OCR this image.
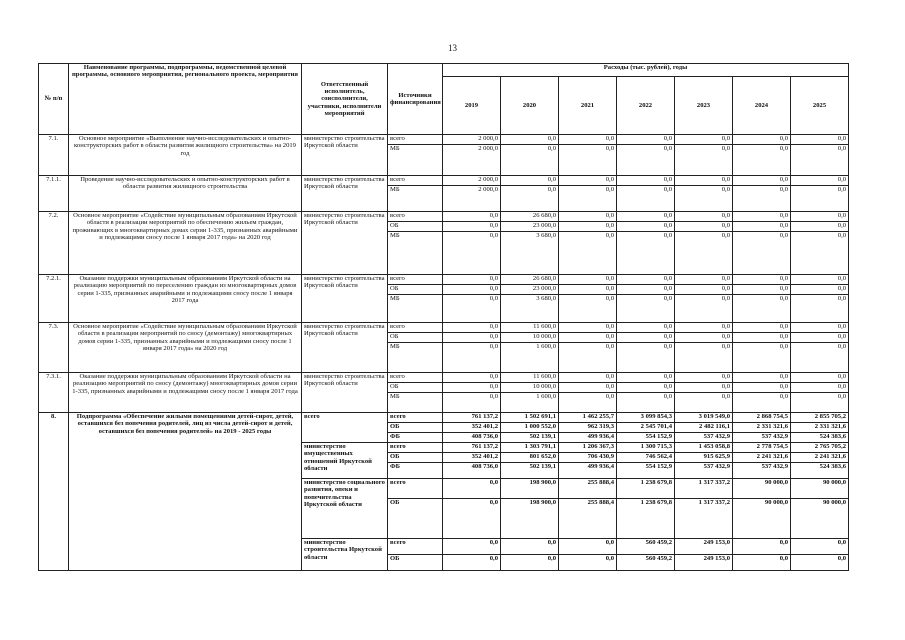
13
№ п/п	Наименование программы, подпрограммы, ведомственной целевой программы, основного мероприятия, регионального проекта, мероприятия	Ответственный исполнитель, соисполнители, участники, исполнители мероприятий	Источники финансирования	Расходы (тыс. рублей), годы						
				2019	2020	2021	2022	2023	2024	2025
7.1.	Основное мероприятие «Выполнение научно-исследовательских и опытно-конструкторских работ в области развития жилищного строительства» на 2019 год	министерство строительства Иркутской области	всего	2 000,0	0,0	0,0	0,0	0,0	0,0	0,0
			МБ	2 000,0	0,0	0,0	0,0	0,0	0,0	0,0
7.1.1.	Проведение научно-исследовательских и опытно-конструкторских работ в области развития жилищного строительства	министерство строительства Иркутской области	всего	2 000,0	0,0	0,0	0,0	0,0	0,0	0,0
			МБ	2 000,0	0,0	0,0	0,0	0,0	0,0	0,0
7.2.	Основное мероприятие «Содействие муниципальным образованиям Иркутской области в реализации мероприятий по обеспечению жильем граждан, проживающих в многоквартирных домах серии 1-335, признанных аварийными и подлежащими сносу после 1 января 2017 года» на 2020 год	министерство строительства Иркутской области	всего	0,0	26 680,0	0,0	0,0	0,0	0,0	0,0
			ОБ	0,0	23 000,0	0,0	0,0	0,0	0,0	0,0
			МБ	0,0	3 680,0	0,0	0,0	0,0	0,0	0,0
7.2.1.	Оказание поддержки муниципальным образованиям Иркутской области на реализацию мероприятий по переселению граждан из многоквартирных домов серии 1-335, признанных аварийными и подлежащими сносу после 1 января 2017 года	министерство строительства Иркутской области	всего	0,0	26 680,0	0,0	0,0	0,0	0,0	0,0
			ОБ	0,0	23 000,0	0,0	0,0	0,0	0,0	0,0
			МБ	0,0	3 680,0	0,0	0,0	0,0	0,0	0,0
7.3.	Основное мероприятие «Содействие муниципальным образованиям Иркутской области в реализации мероприятий по сносу (демонтажу) многоквартирных домов серии 1-335, признанных аварийными и подлежащими сносу после 1 января 2017 года» на 2020 год	министерство строительства Иркутской области	всего	0,0	11 600,0	0,0	0,0	0,0	0,0	0,0
			ОБ	0,0	10 000,0	0,0	0,0	0,0	0,0	0,0
			МБ	0,0	1 600,0	0,0	0,0	0,0	0,0	0,0
7.3.1.	Оказание поддержки муниципальным образованиям Иркутской области на реализацию мероприятий по сносу (демонтажу) многоквартирных домов серии 1-335, признанных аварийными и подлежащими сносу после 1 января 2017 года	министерство строительства Иркутской области	всего	0,0	11 600,0	0,0	0,0	0,0	0,0	0,0
			ОБ	0,0	10 000,0	0,0	0,0	0,0	0,0	0,0
			МБ	0,0	1 600,0	0,0	0,0	0,0	0,0	0,0
8.	Подпрограмма «Обеспечение жилыми помещениями детей-сирот, детей, оставшихся без попечения родителей, лиц из числа детей-сирот и детей, оставшихся без попечения родителей» на 2019 - 2025 годы	всего	всего	761 137,2	1 502 691,1	1 462 255,7	3 099 854,3	3 019 549,0	2 868 754,5	2 855 705,2
			ОБ	352 401,2	1 000 552,0	962 319,3	2 545 701,4	2 482 116,1	2 331 321,6	2 331 321,6
			ФБ	408 736,0	502 139,1	499 936,4	554 152,9	537 432,9	537 432,9	524 383,6
		министерство имущественных отношений Иркутской области	всего	761 137,2	1 303 791,1	1 206 367,3	1 300 715,3	1 453 058,8	2 778 754,5	2 765 705,2
			ОБ	352 401,2	801 652,0	706 430,9	746 562,4	915 625,9	2 241 321,6	2 241 321,6
			ФБ	408 736,0	502 139,1	499 936,4	554 152,9	537 432,9	537 432,9	524 383,6
		министерство социального развития, опеки и попечительства Иркутской области	всего	0,0	198 900,0	255 888,4	1 238 679,8	1 317 337,2	90 000,0	90 000,0
			ОБ	0,0	198 900,0	255 888,4	1 238 679,8	1 317 337,2	90 000,0	90 000,0
		министерство строительства Иркутской области	всего	0,0	0,0	0,0	560 459,2	249 153,0	0,0	0,0
			ОБ	0,0	0,0	0,0	560 459,2	249 153,0	0,0	0,0
